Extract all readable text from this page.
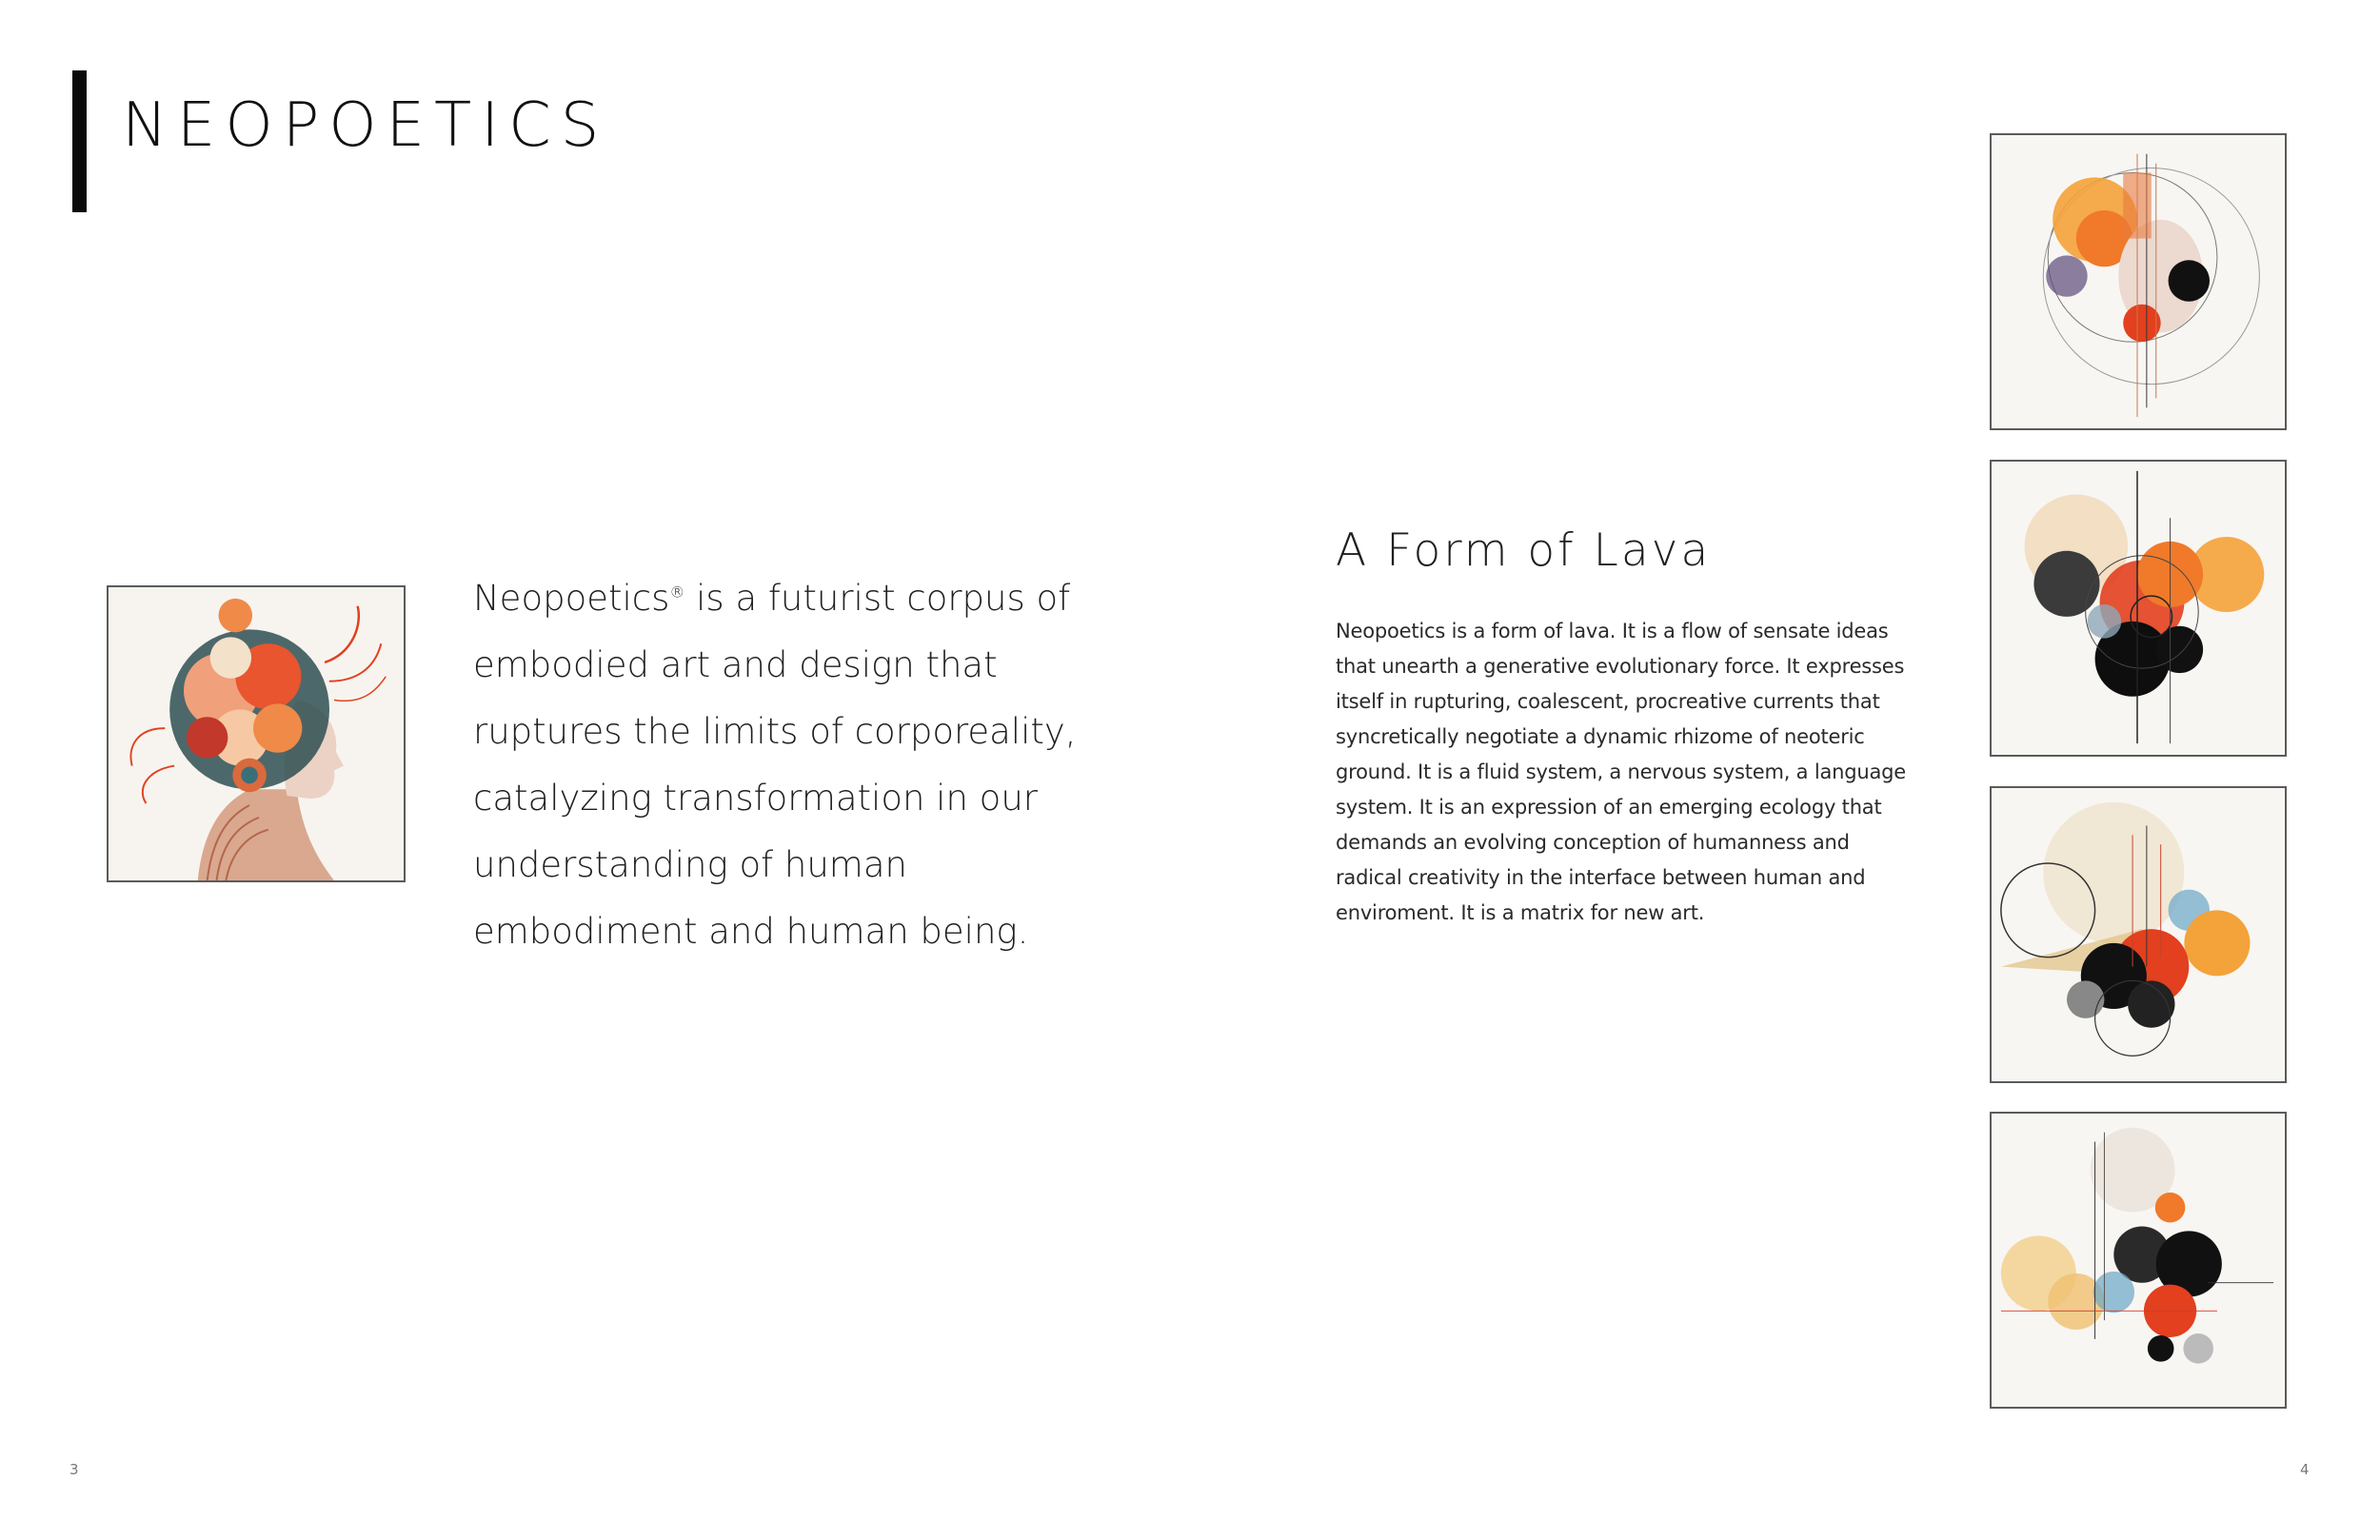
NEOPOETICS
Neopoetics® is a futurist corpus of embodied art and design that ruptures the limits of corporeality, catalyzing transformation in our understanding of human embodiment and human being.
A Form of Lava

Neopoetics is a form of lava. It is a flow of sensate ideas that unearth a generative evolutionary force. It expresses itself in rupturing, coalescent, procreative currents that syncretically negotiate a dynamic rhizome of neoteric ground. It is a fluid system, a nervous system, a language system. It is an expression of an emerging ecology that demands an evolving conception of humanness and radical creativity in the interface between human and enviroment. It is a matrix for new art.

3	4
